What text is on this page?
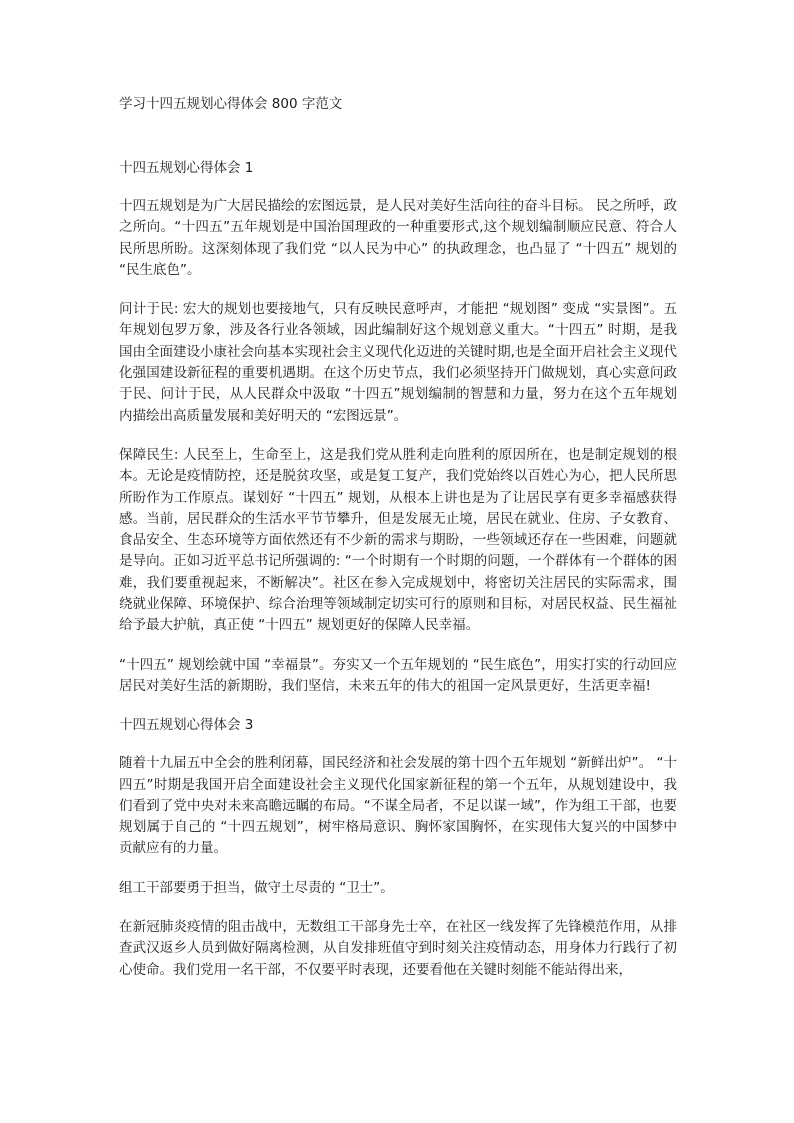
学习十四五规划心得体会 800 字范文
十四五规划心得体会 1

十四五规划是为广大居民描绘的宏图远景，是人民对美好生活向往的奋斗目标。 民之所呼，政之所向。“十四五”五年规划是中国治国理政的一种重要形式,这个规划编制顺应民意、符合人民所思所盼。这深刻体现了我们党 “以人民为中心” 的执政理念，也凸显了 “十四五” 规划的 “民生底色”。

问计于民: 宏大的规划也要接地气，只有反映民意呼声，才能把 “规划图” 变成 “实景图”。五年规划包罗万象，涉及各行业各领域，因此编制好这个规划意义重大。“十四五” 时期，是我国由全面建设小康社会向基本实现社会主义现代化迈进的关键时期,也是全面开启社会主义现代化强国建设新征程的重要机遇期。在这个历史节点，我们必须坚持开门做规划，真心实意问政于民、问计于民，从人民群众中汲取 “十四五”规划编制的智慧和力量，努力在这个五年规划内描绘出高质量发展和美好明天的 “宏图远景”。

保障民生: 人民至上，生命至上，这是我们党从胜利走向胜利的原因所在，也是制定规划的根本。无论是疫情防控，还是脱贫攻坚，或是复工复产，我们党始终以百姓心为心，把人民所思所盼作为工作原点。谋划好 “十四五” 规划，从根本上讲也是为了让居民享有更多幸福感获得感。当前，居民群众的生活水平节节攀升，但是发展无止境，居民在就业、住房、子女教育、食品安全、生态环境等方面依然还有不少新的需求与期盼，一些领域还存在一些困难，问题就是导向。正如习近平总书记所强调的: “一个时期有一个时期的问题，一个群体有一个群体的困难，我们要重视起来，不断解决”。社区在参入完成规划中，将密切关注居民的实际需求，围绕就业保障、环境保护、综合治理等领域制定切实可行的原则和目标，对居民权益、民生福祉给予最大护航，真正使 “十四五” 规划更好的保障人民幸福。

“十四五” 规划绘就中国 “幸福景”。夯实又一个五年规划的 “民生底色”，用实打实的行动回应居民对美好生活的新期盼，我们坚信，未来五年的伟大的祖国一定风景更好，生活更幸福!

十四五规划心得体会 3

随着十九届五中全会的胜利闭幕，国民经济和社会发展的第十四个五年规划 “新鲜出炉”。 “十四五”时期是我国开启全面建设社会主义现代化国家新征程的第一个五年，从规划建设中，我们看到了党中央对未来高瞻远瞩的布局。“不谋全局者，不足以谋一域”，作为组工干部，也要规划属于自己的 “十四五规划”，树牢格局意识、胸怀家国胸怀，在实现伟大复兴的中国梦中贡献应有的力量。

组工干部要勇于担当，做守土尽责的 “卫士”。

在新冠肺炎疫情的阻击战中，无数组工干部身先士卒，在社区一线发挥了先锋模范作用，从排查武汉返乡人员到做好隔离检测，从自发排班值守到时刻关注疫情动态，用身体力行践行了初心使命。我们党用一名干部，不仅要平时表现，还要看他在关键时刻能不能站得出来，
